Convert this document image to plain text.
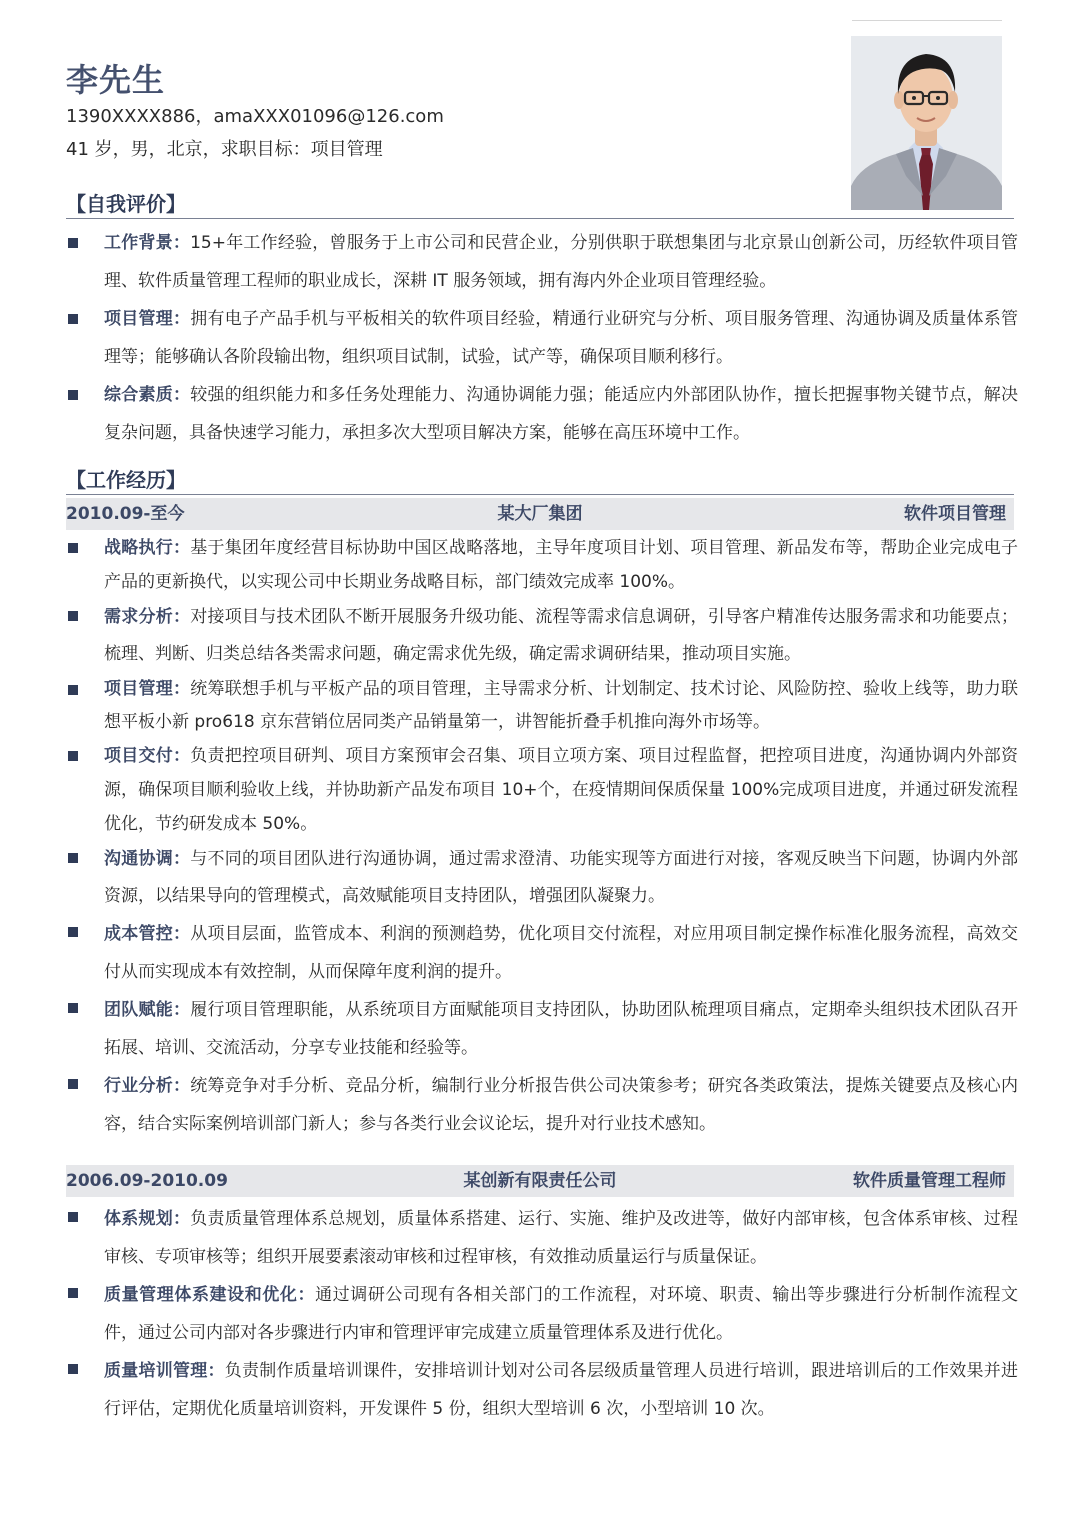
李先生
1390XXXX886，amaXXX01096@126.com
41 岁，男，北京，求职目标：项目管理
【自我评价】
工作背景：15+年工作经验，曾服务于上市公司和民营企业，分别供职于联想集团与北京景山创新公司，历经软件项目管理、软件质量管理工程师的职业成长，深耕 IT 服务领域，拥有海内外企业项目管理经验。
项目管理：拥有电子产品手机与平板相关的软件项目经验，精通行业研究与分析、项目服务管理、沟通协调及质量体系管理等；能够确认各阶段输出物，组织项目试制，试验，试产等，确保项目顺利移行。
综合素质：较强的组织能力和多任务处理能力、沟通协调能力强；能适应内外部团队协作，擅长把握事物关键节点，解决复杂问题，具备快速学习能力，承担多次大型项目解决方案，能够在高压环境中工作。
【工作经历】
2010.09-至今	某大厂集团	软件项目管理
战略执行：基于集团年度经营目标协助中国区战略落地，主导年度项目计划、项目管理、新品发布等，帮助企业完成电子产品的更新换代，以实现公司中长期业务战略目标，部门绩效完成率 100%。
需求分析：对接项目与技术团队不断开展服务升级功能、流程等需求信息调研，引导客户精准传达服务需求和功能要点；梳理、判断、归类总结各类需求问题，确定需求优先级，确定需求调研结果，推动项目实施。
项目管理：统筹联想手机与平板产品的项目管理，主导需求分析、计划制定、技术讨论、风险防控、验收上线等，助力联想平板小新 pro618 京东营销位居同类产品销量第一，讲智能折叠手机推向海外市场等。
项目交付：负责把控项目研判、项目方案预审会召集、项目立项方案、项目过程监督，把控项目进度，沟通协调内外部资源，确保项目顺利验收上线，并协助新产品发布项目 10+个，在疫情期间保质保量 100%完成项目进度，并通过研发流程优化，节约研发成本 50%。
沟通协调：与不同的项目团队进行沟通协调，通过需求澄清、功能实现等方面进行对接，客观反映当下问题，协调内外部资源，以结果导向的管理模式，高效赋能项目支持团队，增强团队凝聚力。
成本管控：从项目层面，监管成本、利润的预测趋势，优化项目交付流程，对应用项目制定操作标准化服务流程，高效交付从而实现成本有效控制，从而保障年度利润的提升。
团队赋能：履行项目管理职能，从系统项目方面赋能项目支持团队，协助团队梳理项目痛点，定期牵头组织技术团队召开拓展、培训、交流活动，分享专业技能和经验等。
行业分析：统筹竞争对手分析、竞品分析，编制行业分析报告供公司决策参考；研究各类政策法，提炼关键要点及核心内容，结合实际案例培训部门新人；参与各类行业会议论坛，提升对行业技术感知。
2006.09-2010.09	某创新有限责任公司	软件质量管理工程师
体系规划：负责质量管理体系总规划，质量体系搭建、运行、实施、维护及改进等，做好内部审核，包含体系审核、过程审核、专项审核等；组织开展要素滚动审核和过程审核，有效推动质量运行与质量保证。
质量管理体系建设和优化：通过调研公司现有各相关部门的工作流程，对环境、职责、输出等步骤进行分析制作流程文件，通过公司内部对各步骤进行内审和管理评审完成建立质量管理体系及进行优化。
质量培训管理：负责制作质量培训课件，安排培训计划对公司各层级质量管理人员进行培训，跟进培训后的工作效果并进行评估，定期优化质量培训资料，开发课件 5 份，组织大型培训 6 次，小型培训 10 次。
